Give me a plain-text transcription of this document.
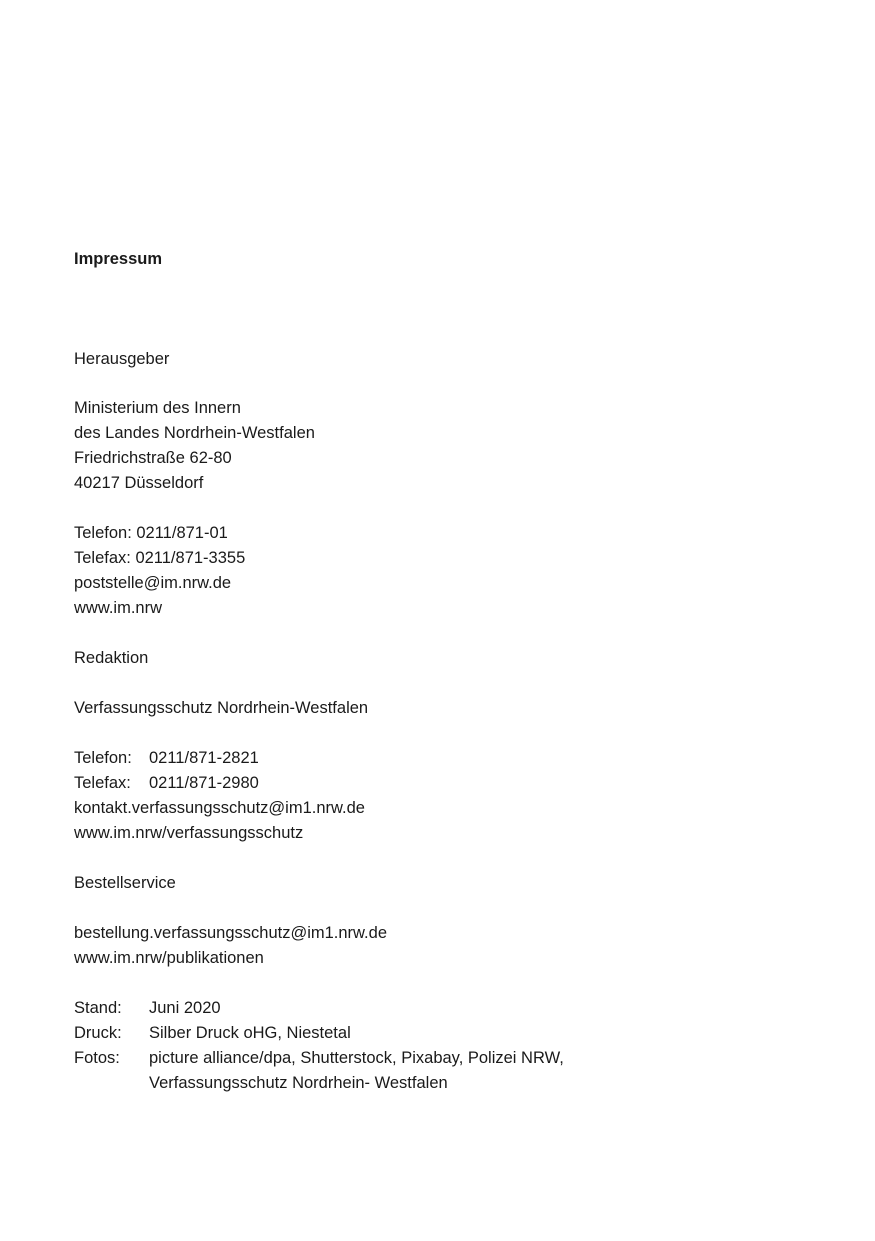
Impressum
Herausgeber
Ministerium des Innern
des Landes Nordrhein-Westfalen
Friedrichstraße 62-80
40217 Düsseldorf
Telefon: 0211/871-01
Telefax: 0211/871-3355
poststelle@im.nrw.de
www.im.nrw
Redaktion
Verfassungsschutz Nordrhein-Westfalen
Telefon: 0211/871-2821
Telefax: 0211/871-2980
kontakt.verfassungsschutz@im1.nrw.de
www.im.nrw/verfassungsschutz
Bestellservice
bestellung.verfassungsschutz@im1.nrw.de
www.im.nrw/publikationen
Stand: Juni 2020
Druck: Silber Druck oHG, Niestetal
Fotos: picture alliance/dpa, Shutterstock, Pixabay, Polizei NRW,
Verfassungsschutz Nordrhein- Westfalen
